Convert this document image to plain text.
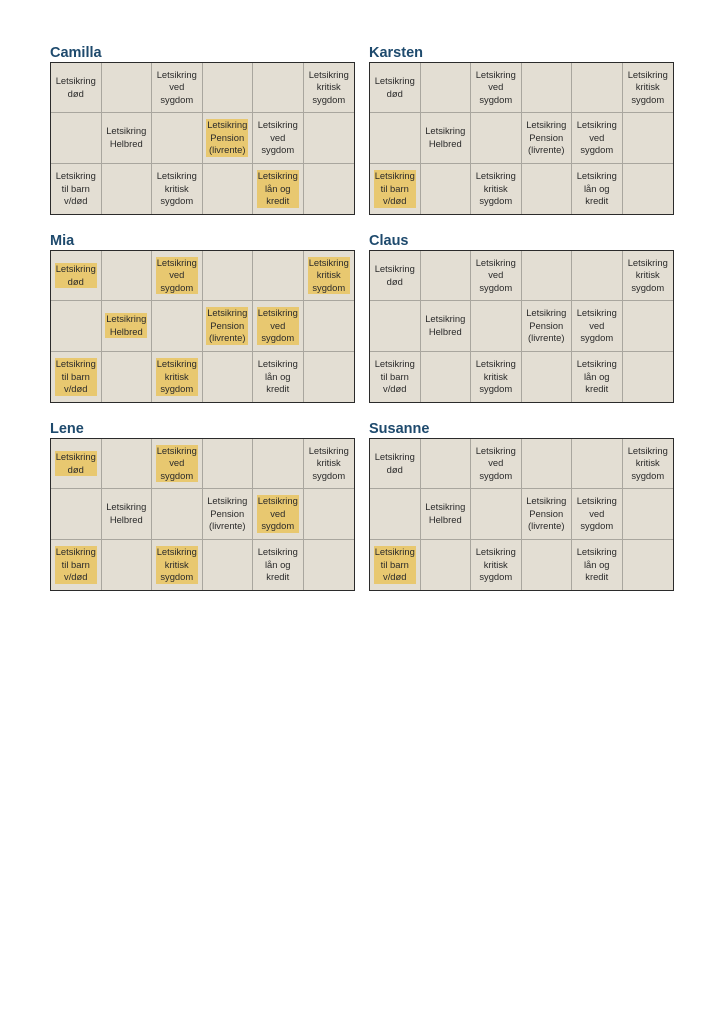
Camilla
Letsikring
død
Letsikring
ved
sygdom
Letsikring
kritisk
sygdom
Letsikring
Helbred
Letsikring
Pension
(livrente)
Letsikring
ved
sygdom
Letsikring
til barn
v/død
Letsikring
kritisk
sygdom
Letsikring
lån og
kredit
Karsten
Letsikring
død
Letsikring
ved
sygdom
Letsikring
kritisk
sygdom
Letsikring
Helbred
Letsikring
Pension
(livrente)
Letsikring
ved
sygdom
Letsikring
til barn
v/død
Letsikring
kritisk
sygdom
Letsikring
lån og
kredit
Mia
Letsikring
død
Letsikring
ved
sygdom
Letsikring
kritisk
sygdom
Letsikring
Helbred
Letsikring
Pension
(livrente)
Letsikring
ved
sygdom
Letsikring
til barn
v/død
Letsikring
kritisk
sygdom
Letsikring
lån og
kredit
Claus
Letsikring
død
Letsikring
ved
sygdom
Letsikring
kritisk
sygdom
Letsikring
Helbred
Letsikring
Pension
(livrente)
Letsikring
ved
sygdom
Letsikring
til barn
v/død
Letsikring
kritisk
sygdom
Letsikring
lån og
kredit
Lene
Letsikring
død
Letsikring
ved
sygdom
Letsikring
kritisk
sygdom
Letsikring
Helbred
Letsikring
Pension
(livrente)
Letsikring
ved
sygdom
Letsikring
til barn
v/død
Letsikring
kritisk
sygdom
Letsikring
lån og
kredit
Susanne
Letsikring
død
Letsikring
ved
sygdom
Letsikring
kritisk
sygdom
Letsikring
Helbred
Letsikring
Pension
(livrente)
Letsikring
ved
sygdom
Letsikring
til barn
v/død
Letsikring
kritisk
sygdom
Letsikring
lån og
kredit
